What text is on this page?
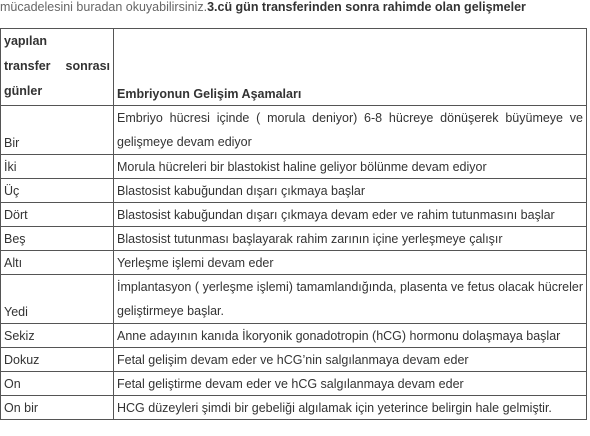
mücadelesini buradan okuyabilirsiniz.3.cü gün transferinden sonra rahimde olan gelişmeler
yapılan
transfer sonrası
günler	Embriyonun Gelişim Aşamaları
Bir	Embriyo hücresi içinde ( morula deniyor) 6-8 hücreye dönüşerek büyümeye ve gelişmeye devam ediyor
İki	Morula hücreleri bir blastokist haline geliyor bölünme devam ediyor
Üç	Blastosist kabuğundan dışarı çıkmaya başlar
Dört	Blastosist kabuğundan dışarı çıkmaya devam eder ve rahim tutunmasını başlar
Beş	Blastosist tutunması başlayarak rahim zarının içine yerleşmeye çalışır
Altı	Yerleşme işlemi devam eder
Yedi	İmplantasyon ( yerleşme işlemi) tamamlandığında, plasenta ve fetus olacak hücreler geliştirmeye başlar.
Sekiz	Anne adayının kanıda İkoryonik gonadotropin (hCG) hormonu dolaşmaya başlar
Dokuz	Fetal gelişim devam eder ve hCG’nin salgılanmaya devam eder
On	Fetal geliştirme devam eder ve hCG salgılanmaya devam eder
On bir	HCG düzeyleri şimdi bir gebeliği algılamak için yeterince belirgin hale gelmiştir.
